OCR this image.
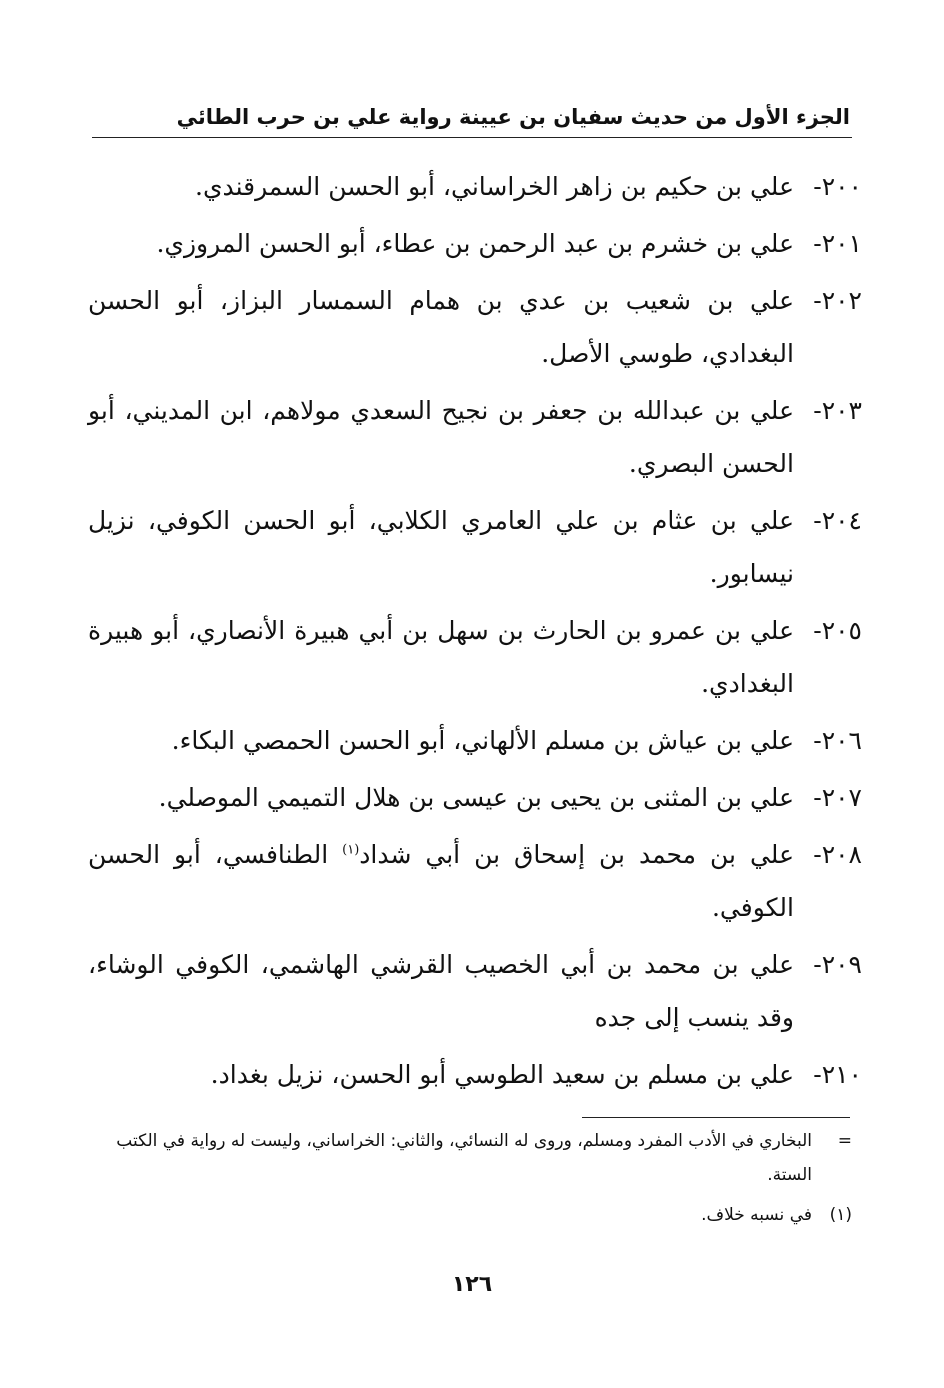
الجزء الأول من حديث سفيان بن عيينة رواية علي بن حرب الطائي
٢٠٠-
علي بن حكيم بن زاهر الخراساني، أبو الحسن السمرقندي.
٢٠١-
علي بن خشرم بن عبد الرحمن بن عطاء، أبو الحسن المروزي.
٢٠٢-
علي بن شعيب بن عدي بن همام السمسار البزاز، أبو الحسن البغدادي، طوسي الأصل.
٢٠٣-
علي بن عبدالله بن جعفر بن نجيح السعدي مولاهم، ابن المديني، أبو الحسن البصري.
٢٠٤-
علي بن عثام بن علي العامري الكلابي، أبو الحسن الكوفي، نزيل نيسابور.
٢٠٥-
علي بن عمرو بن الحارث بن سهل بن أبي هبيرة الأنصاري، أبو هبيرة البغدادي.
٢٠٦-
علي بن عياش بن مسلم الألهاني، أبو الحسن الحمصي البكاء.
٢٠٧-
علي بن المثنى بن يحيى بن عيسى بن هلال التميمي الموصلي.
٢٠٨-
علي بن محمد بن إسحاق بن أبي شداد$^{(١)}$ الطنافسي، أبو الحسن الكوفي.
٢٠٩-
علي بن محمد بن أبي الخصيب القرشي الهاشمي، الكوفي الوشاء، وقد ينسب إلى جده
٢١٠-
علي بن مسلم بن سعيد الطوسي أبو الحسن، نزيل بغداد.
=
البخاري في الأدب المفرد ومسلم، وروى له النسائي، والثاني: الخراساني، وليست له رواية في الكتب الستة.
(١)
في نسبه خلاف.
١٢٦
